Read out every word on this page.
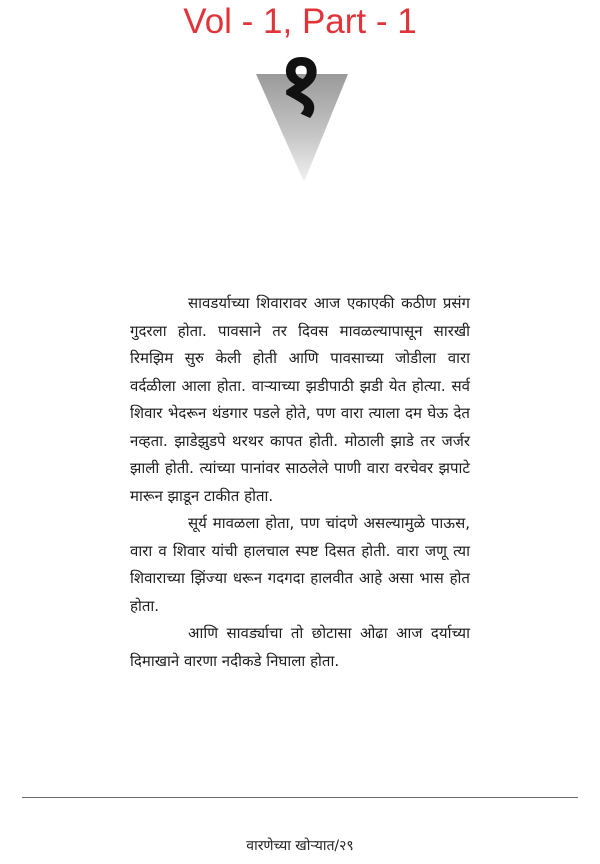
Vol - 1, Part - 1
१

सावडर्याच्या शिवारावर आज एकाएकी कठीण प्रसंग गुदरला होता. पावसाने तर दिवस मावळल्यापासून सारखी रिमझिम सुरु केली होती आणि पावसाच्या जोडीला वारा वर्दळीला आला होता. वाऱ्याच्या झडीपाठी झडी येत होत्या. सर्व शिवार भेदरून थंडगार पडले होते, पण वारा त्याला दम घेऊ देत नव्हता. झाडेझुडपे थरथर कापत होती. मोठाली झाडे तर जर्जर झाली होती. त्यांच्या पानांवर साठलेले पाणी वारा वरचेवर झपाटे मारून झाडून टाकीत होता.

सूर्य मावळला होता, पण चांदणे असल्यामुळे पाऊस, वारा व शिवार यांची हालचाल स्पष्ट दिसत होती. वारा जणू त्या शिवाराच्या झिंज्या धरून गदगदा हालवीत आहे असा भास होत होता.

आणि सावर्ड्याचा तो छोटासा ओढा आज दर्याच्या दिमाखाने वारणा नदीकडे निघाला होता.

वारणेच्या खोऱ्यात/२९
